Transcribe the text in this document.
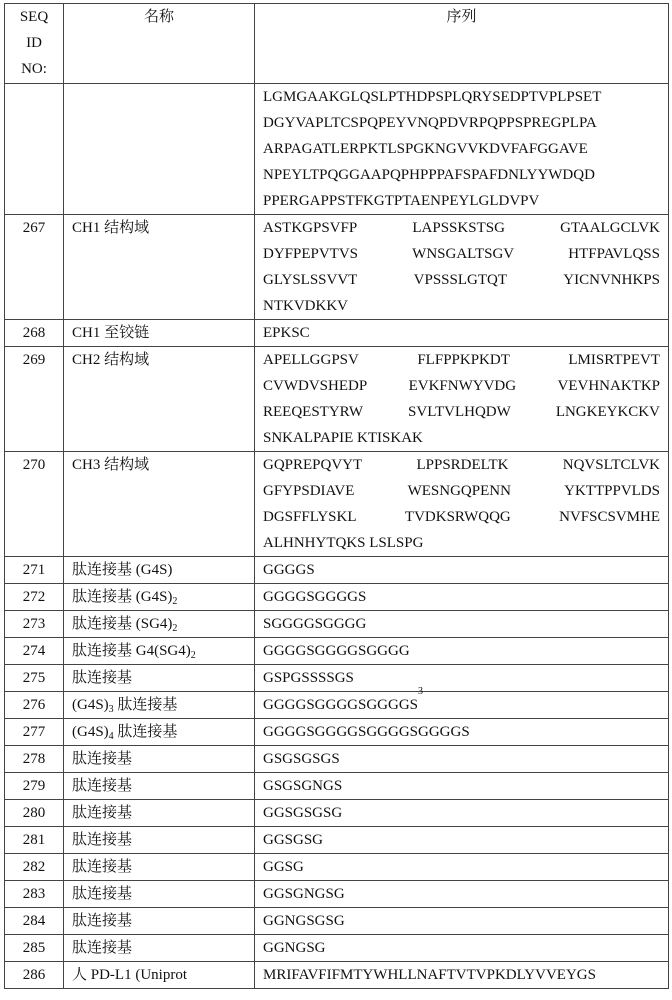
SEQ
ID
NO:	名称	序列

		LGMGAAKGLQSLPTHDPSPLQRYSEDPTVPLPSET
DGYVAPLTCSPQPEYVNQPDVRPQPPSPREGPLPA
ARPAGATLERPKTLSPGKNGVVKDVFAFGGAVE
NPEYLTPQGGAAPQPHPPPAFSPAFDNLYYWDQD
PPERGAPPSTFKGTPTAENPEYLGLDVPV

267	CH1 结构域	ASTKGPSVFP	LAPSSKSTSG	GTAALGCLVK
DYFPEPVTVS	WNSGALTSGV	HTFPAVLQSS
GLYSLSSVVT	VPSSSLGTQT	YICNVNHKPS
NTKVDKKV

268	CH1 至铰链	EPKSC

269	CH2 结构域	APELLGGPSV	FLFPPKPKDT	LMISRTPEVT
CVWDVSHEDP	EVKFNWYVDG	VEVHNAKTKP
REEQESTYRW	SVLTVLHQDW	LNGKEYKCKV
SNKALPAPIE KTISKAK

270	CH3 结构域	GQPREPQVYT	LPPSRDELTK	NQVSLTCLVK
GFYPSDIAVE	WESNGQPENN	YKTTPPVLDS
DGSFFLYSKL	TVDKSRWQQG	NVFSCSVMHE
ALHNHYTQKS LSLSPG

271	肽连接基 (G4S)	GGGGS

272	肽连接基 $(G4S)_2$	GGGGSGGGGS

273	肽连接基 $(SG4)_2$	SGGGGSGGGG

274	肽连接基 $G4(SG4)_2$	GGGGSGGGGSGGGG

275	肽连接基	GSPGSSSSGS

276	$(G4S)_3$ 肽连接基	GGGGSGGGGSGGGGS
3

277	$(G4S)_4$ 肽连接基	GGGGSGGGGSGGGGSGGGGS

278	肽连接基	GSGSGSGS

279	肽连接基	GSGSGNGS

280	肽连接基	GGSGSGSG

281	肽连接基	GGSGSG

282	肽连接基	GGSG

283	肽连接基	GGSGNGSG

284	肽连接基	GGNGSGSG

285	肽连接基	GGNGSG

286	人 PD-L1 (Uniprot	MRIFAVFIFMTYWHLLNAFTVTVPKDLYVVEYGS
